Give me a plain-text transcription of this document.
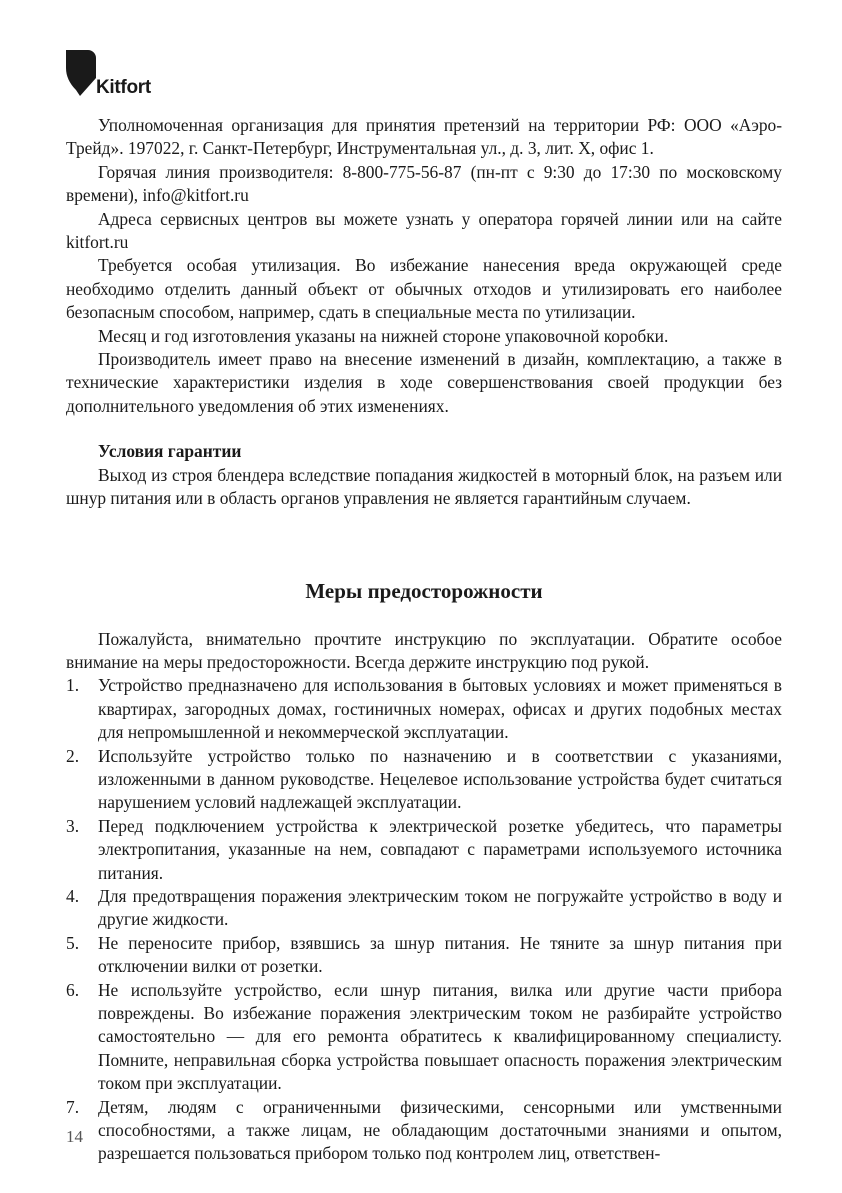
Kitfort

Уполномоченная организация для принятия претензий на территории РФ: ООО «Аэро-Трейд». 197022, г. Санкт-Петербург, Инструментальная ул., д. 3, лит. Х, офис 1.

Горячая линия производителя: 8-800-775-56-87 (пн-пт с 9:30 до 17:30 по московскому времени), info@kitfort.ru

Адреса сервисных центров вы можете узнать у оператора горячей линии или на сайте kitfort.ru

Требуется особая утилизация. Во избежание нанесения вреда окружающей среде необходимо отделить данный объект от обычных отходов и утилизировать его наиболее безопасным способом, например, сдать в специальные места по утилизации.

Месяц и год изготовления указаны на нижней стороне упаковочной коробки.

Производитель имеет право на внесение изменений в дизайн, комплектацию, а также в технические характеристики изделия в ходе совершенствования своей продукции без дополнительного уведомления об этих изменениях.

Условия гарантии

Выход из строя блендера вследствие попадания жидкостей в моторный блок, на разъем или шнур питания или в область органов управления не является гарантийным случаем.

Меры предосторожности

Пожалуйста, внимательно прочтите инструкцию по эксплуатации. Обратите особое внимание на меры предосторожности. Всегда держите инструкцию под рукой.

1. Устройство предназначено для использования в бытовых условиях и может применяться в квартирах, загородных домах, гостиничных номерах, офисах и других подобных местах для непромышленной и некоммерческой эксплуатации.
2. Используйте устройство только по назначению и в соответствии с указаниями, изложенными в данном руководстве. Нецелевое использование устройства будет считаться нарушением условий надлежащей эксплуатации.
3. Перед подключением устройства к электрической розетке убедитесь, что параметры электропитания, указанные на нем, совпадают с параметрами используемого источника питания.
4. Для предотвращения поражения электрическим током не погружайте устройство в воду и другие жидкости.
5. Не переносите прибор, взявшись за шнур питания. Не тяните за шнур питания при отключении вилки от розетки.
6. Не используйте устройство, если шнур питания, вилка или другие части прибора повреждены. Во избежание поражения электрическим током не разбирайте устройство самостоятельно — для его ремонта обратитесь к квалифицированному специалисту. Помните, неправильная сборка устройства повышает опасность поражения электрическим током при эксплуатации.
7. Детям, людям с ограниченными физическими, сенсорными или умственными способностями, а также лицам, не обладающим достаточными знаниями и опытом, разрешается пользоваться прибором только под контролем лиц, ответствен-
14
